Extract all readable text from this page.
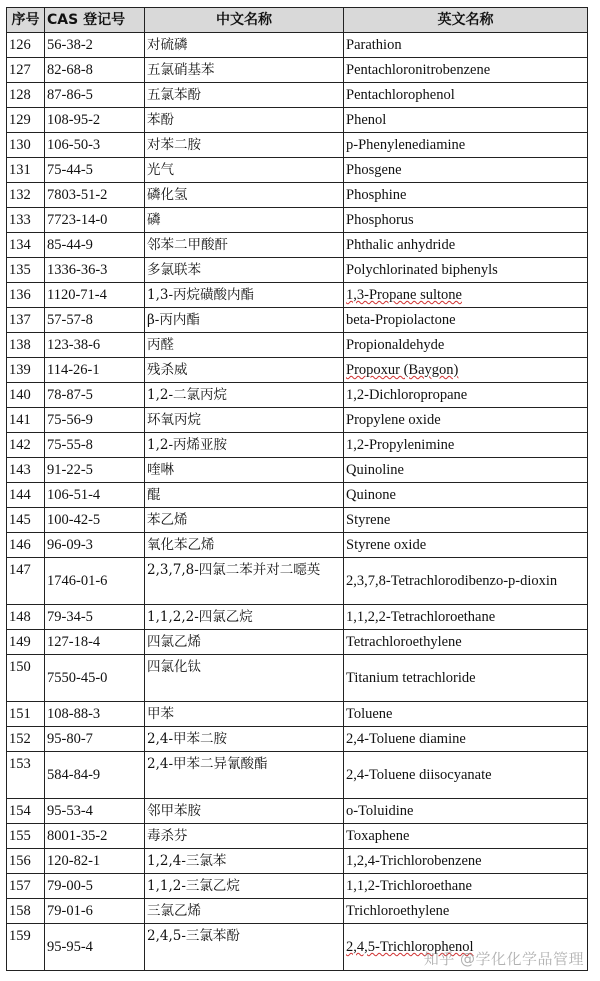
序号	CAS 登记号	中文名称	英文名称
126	56-38-2	对硫磷	Parathion
127	82-68-8	五氯硝基苯	Pentachloronitrobenzene
128	87-86-5	五氯苯酚	Pentachlorophenol
129	108-95-2	苯酚	Phenol
130	106-50-3	对苯二胺	p-Phenylenediamine
131	75-44-5	光气	Phosgene
132	7803-51-2	磷化氢	Phosphine
133	7723-14-0	磷	Phosphorus
134	85-44-9	邻苯二甲酸酐	Phthalic anhydride
135	1336-36-3	多氯联苯	Polychlorinated biphenyls
136	1120-71-4	1,3-丙烷磺酸内酯	1,3-Propane sultone
137	57-57-8	β-丙内酯	beta-Propiolactone
138	123-38-6	丙醛	Propionaldehyde
139	114-26-1	残杀威	Propoxur (Baygon)
140	78-87-5	1,2-二氯丙烷	1,2-Dichloropropane
141	75-56-9	环氧丙烷	Propylene oxide
142	75-55-8	1,2-丙烯亚胺	1,2-Propylenimine
143	91-22-5	喹啉	Quinoline
144	106-51-4	醌	Quinone
145	100-42-5	苯乙烯	Styrene
146	96-09-3	氧化苯乙烯	Styrene oxide
147	1746-01-6	2,3,7,8-四氯二苯并对二噁英	2,3,7,8-Tetrachlorodibenzo-p-dioxin
148	79-34-5	1,1,2,2-四氯乙烷	1,1,2,2-Tetrachloroethane
149	127-18-4	四氯乙烯	Tetrachloroethylene
150	7550-45-0	四氯化钛	Titanium tetrachloride
151	108-88-3	甲苯	Toluene
152	95-80-7	2,4-甲苯二胺	2,4-Toluene diamine
153	584-84-9	2,4-甲苯二异氰酸酯	2,4-Toluene diisocyanate
154	95-53-4	邻甲苯胺	o-Toluidine
155	8001-35-2	毒杀芬	Toxaphene
156	120-82-1	1,2,4-三氯苯	1,2,4-Trichlorobenzene
157	79-00-5	1,1,2-三氯乙烷	1,1,2-Trichloroethane
158	79-01-6	三氯乙烯	Trichloroethylene
159	95-95-4	2,4,5-三氯苯酚	2,4,5-Trichlorophenol
知乎 @学化化学品管理
